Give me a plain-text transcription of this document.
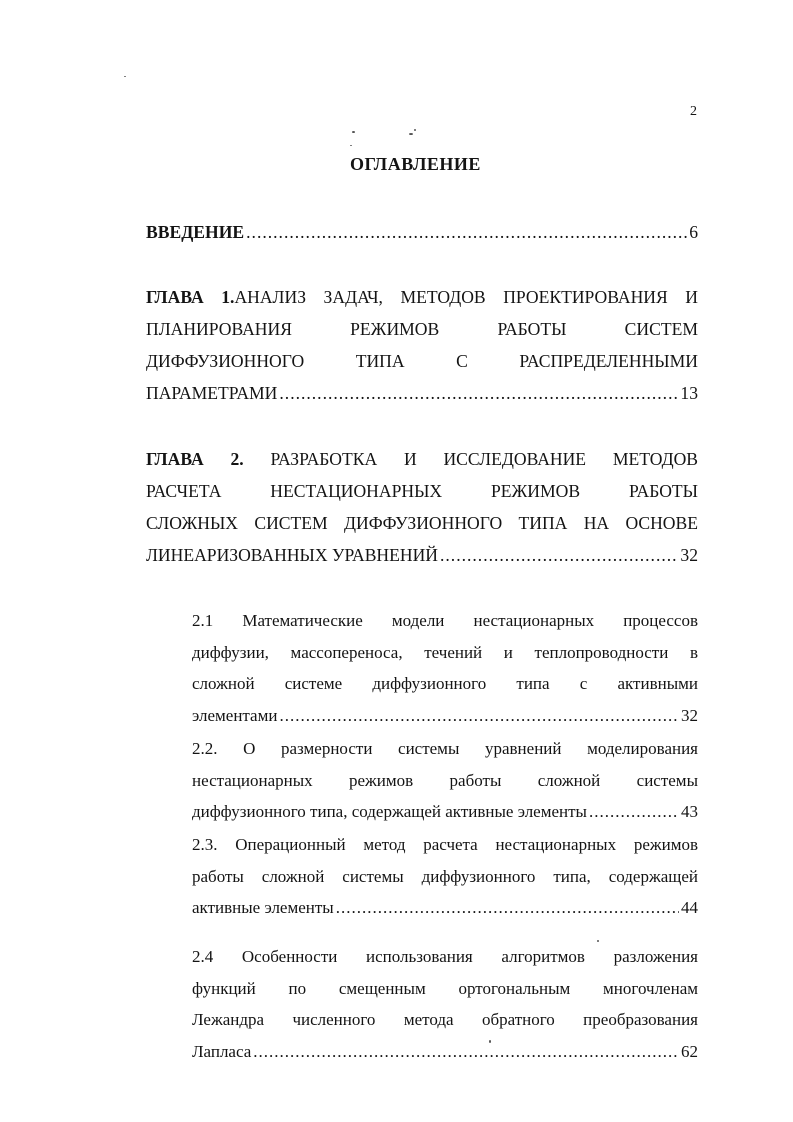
2
ОГЛАВЛЕНИЕ
ВВЕДЕНИЕ .....	6
ГЛАВА 1.АНАЛИЗ ЗАДАЧ, МЕТОДОВ ПРОЕКТИРОВАНИЯ И
ПЛАНИРОВАНИЯ РЕЖИМОВ РАБОТЫ СИСТЕМ
ДИФФУЗИОННОГО ТИПА С РАСПРЕДЕЛЕННЫМИ
ПАРАМЕТРАМИ .....	13
ГЛАВА 2. РАЗРАБОТКА И ИССЛЕДОВАНИЕ МЕТОДОВ
РАСЧЕТА НЕСТАЦИОНАРНЫХ РЕЖИМОВ РАБОТЫ
СЛОЖНЫХ СИСТЕМ ДИФФУЗИОННОГО ТИПА НА ОСНОВЕ
ЛИНЕАРИЗОВАННЫХ УРАВНЕНИЙ .....	32
2.1 Математические модели нестационарных процессов
диффузии, массопереноса, течений и теплопроводности в
сложной системе диффузионного типа с активными
элементами .....	32
2.2. О размерности системы уравнений моделирования
нестационарных режимов работы сложной системы
диффузионного типа, содержащей активные элементы .....	43
2.3. Операционный метод расчета нестационарных режимов
работы сложной системы диффузионного типа, содержащей
активные элементы .....	44
2.4 Особенности использования алгоритмов разложения
функций по смещенным ортогональным многочленам
Лежандра численного метода обратного преобразования
Лапласа .....	62
